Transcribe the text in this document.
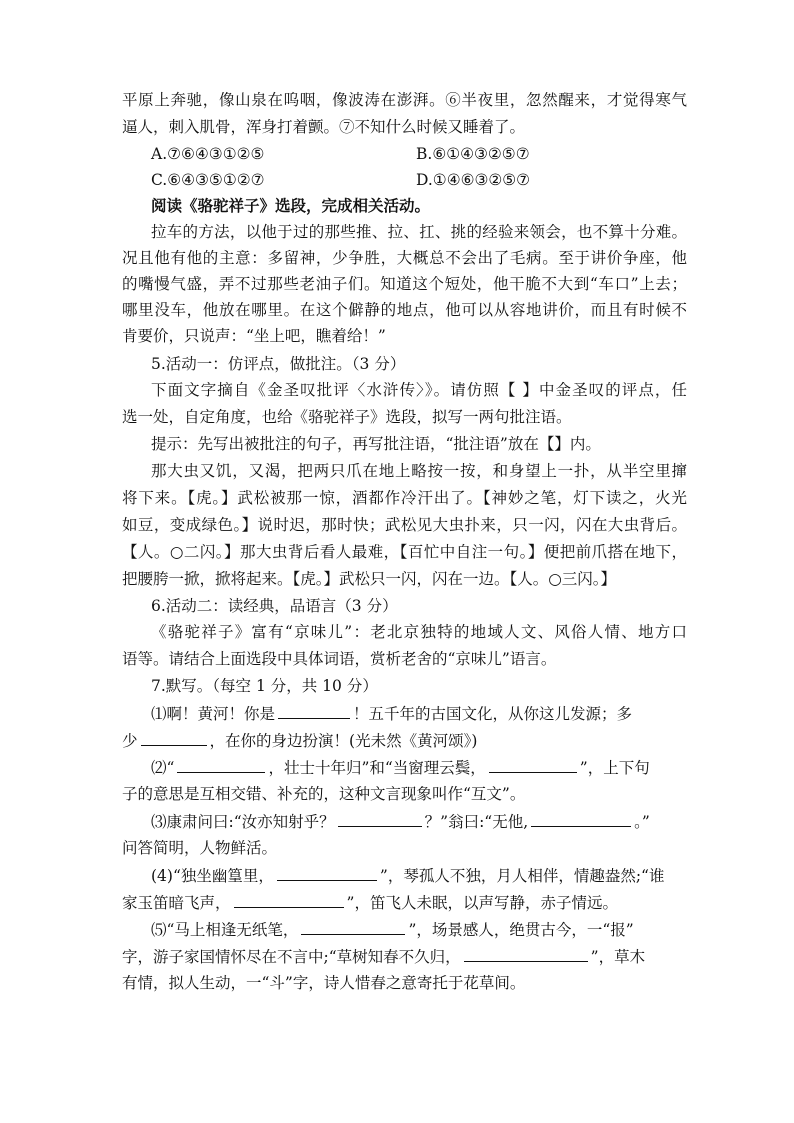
平原上奔驰，像山泉在呜咽，像波涛在澎湃。⑥半夜里，忽然醒来，才觉得寒气
逼人，刺入肌骨，浑身打着颤。⑦不知什么时候又睡着了。
A.⑦⑥④③①②⑤	B.⑥①④③②⑤⑦
C.⑥④③⑤①②⑦	D.①④⑥③②⑤⑦
阅读《骆驼祥子》选段，完成相关活动。
拉车的方法，以他于过的那些推、拉、扛、挑的经验来领会，也不算十分难。
况且他有他的主意：多留神，少争胜，大概总不会出了毛病。至于讲价争座，他
的嘴慢气盛，弄不过那些老油子们。知道这个短处，他干脆不大到“车口”上去；
哪里没车，他放在哪里。在这个僻静的地点，他可以从容地讲价，而且有时候不
肯要价，只说声：“坐上吧，瞧着给！”
5.活动一：仿评点，做批注。（3 分）
下面文字摘自《金圣叹批评〈水浒传〉》。请仿照【 】中金圣叹的评点，任
选一处，自定角度，也给《骆驼祥子》选段，拟写一两句批注语。
提示：先写出被批注的句子，再写批注语，“批注语”放在【】内。
那大虫又饥，又渴，把两只爪在地上略按一按，和身望上一扑，从半空里撺
将下来。【虎。】武松被那一惊，酒都作冷汗出了。【神妙之笔，灯下读之，火光
如豆，变成绿色。】说时迟，那时快；武松见大虫扑来，只一闪，闪在大虫背后。
【人。○二闪。】那大虫背后看人最难，【百忙中自注一句。】便把前爪搭在地下，
把腰胯一掀，掀将起来。【虎。】武松只一闪，闪在一边。【人。○三闪。】
6.活动二：读经典，品语言（3 分）
《骆驼祥子》富有“京味儿”：老北京独特的地域人文、风俗人情、地方口
语等。请结合上面选段中具体词语，赏析老舍的“京味儿”语言。
7.默写。（每空 1 分，共 10 分）
⑴啊！黄河！你是	！五千年的古国文化，从你这儿发源；多
少	，在你的身边扮演！(光未然《黄河颂》)
⑵“	，壮士十年归”和“当窗理云鬓，	”，上下句
子的意思是互相交错、补充的，这种文言现象叫作“互文”。
⑶康肃问曰:“汝亦知射乎？	？”翁曰:“无他,	。”
问答简明，人物鲜活。
(4)“独坐幽篁里，	”，琴孤人不独，月人相伴，情趣盎然;“谁
家玉笛暗飞声，	”，笛飞人未眠，以声写静，赤子情远。
⑸“马上相逢无纸笔，	”，场景感人，绝贯古今，一“报”
字，游子家国情怀尽在不言中;“草树知春不久归，	”，草木
有情，拟人生动，一“斗”字，诗人惜春之意寄托于花草间。
